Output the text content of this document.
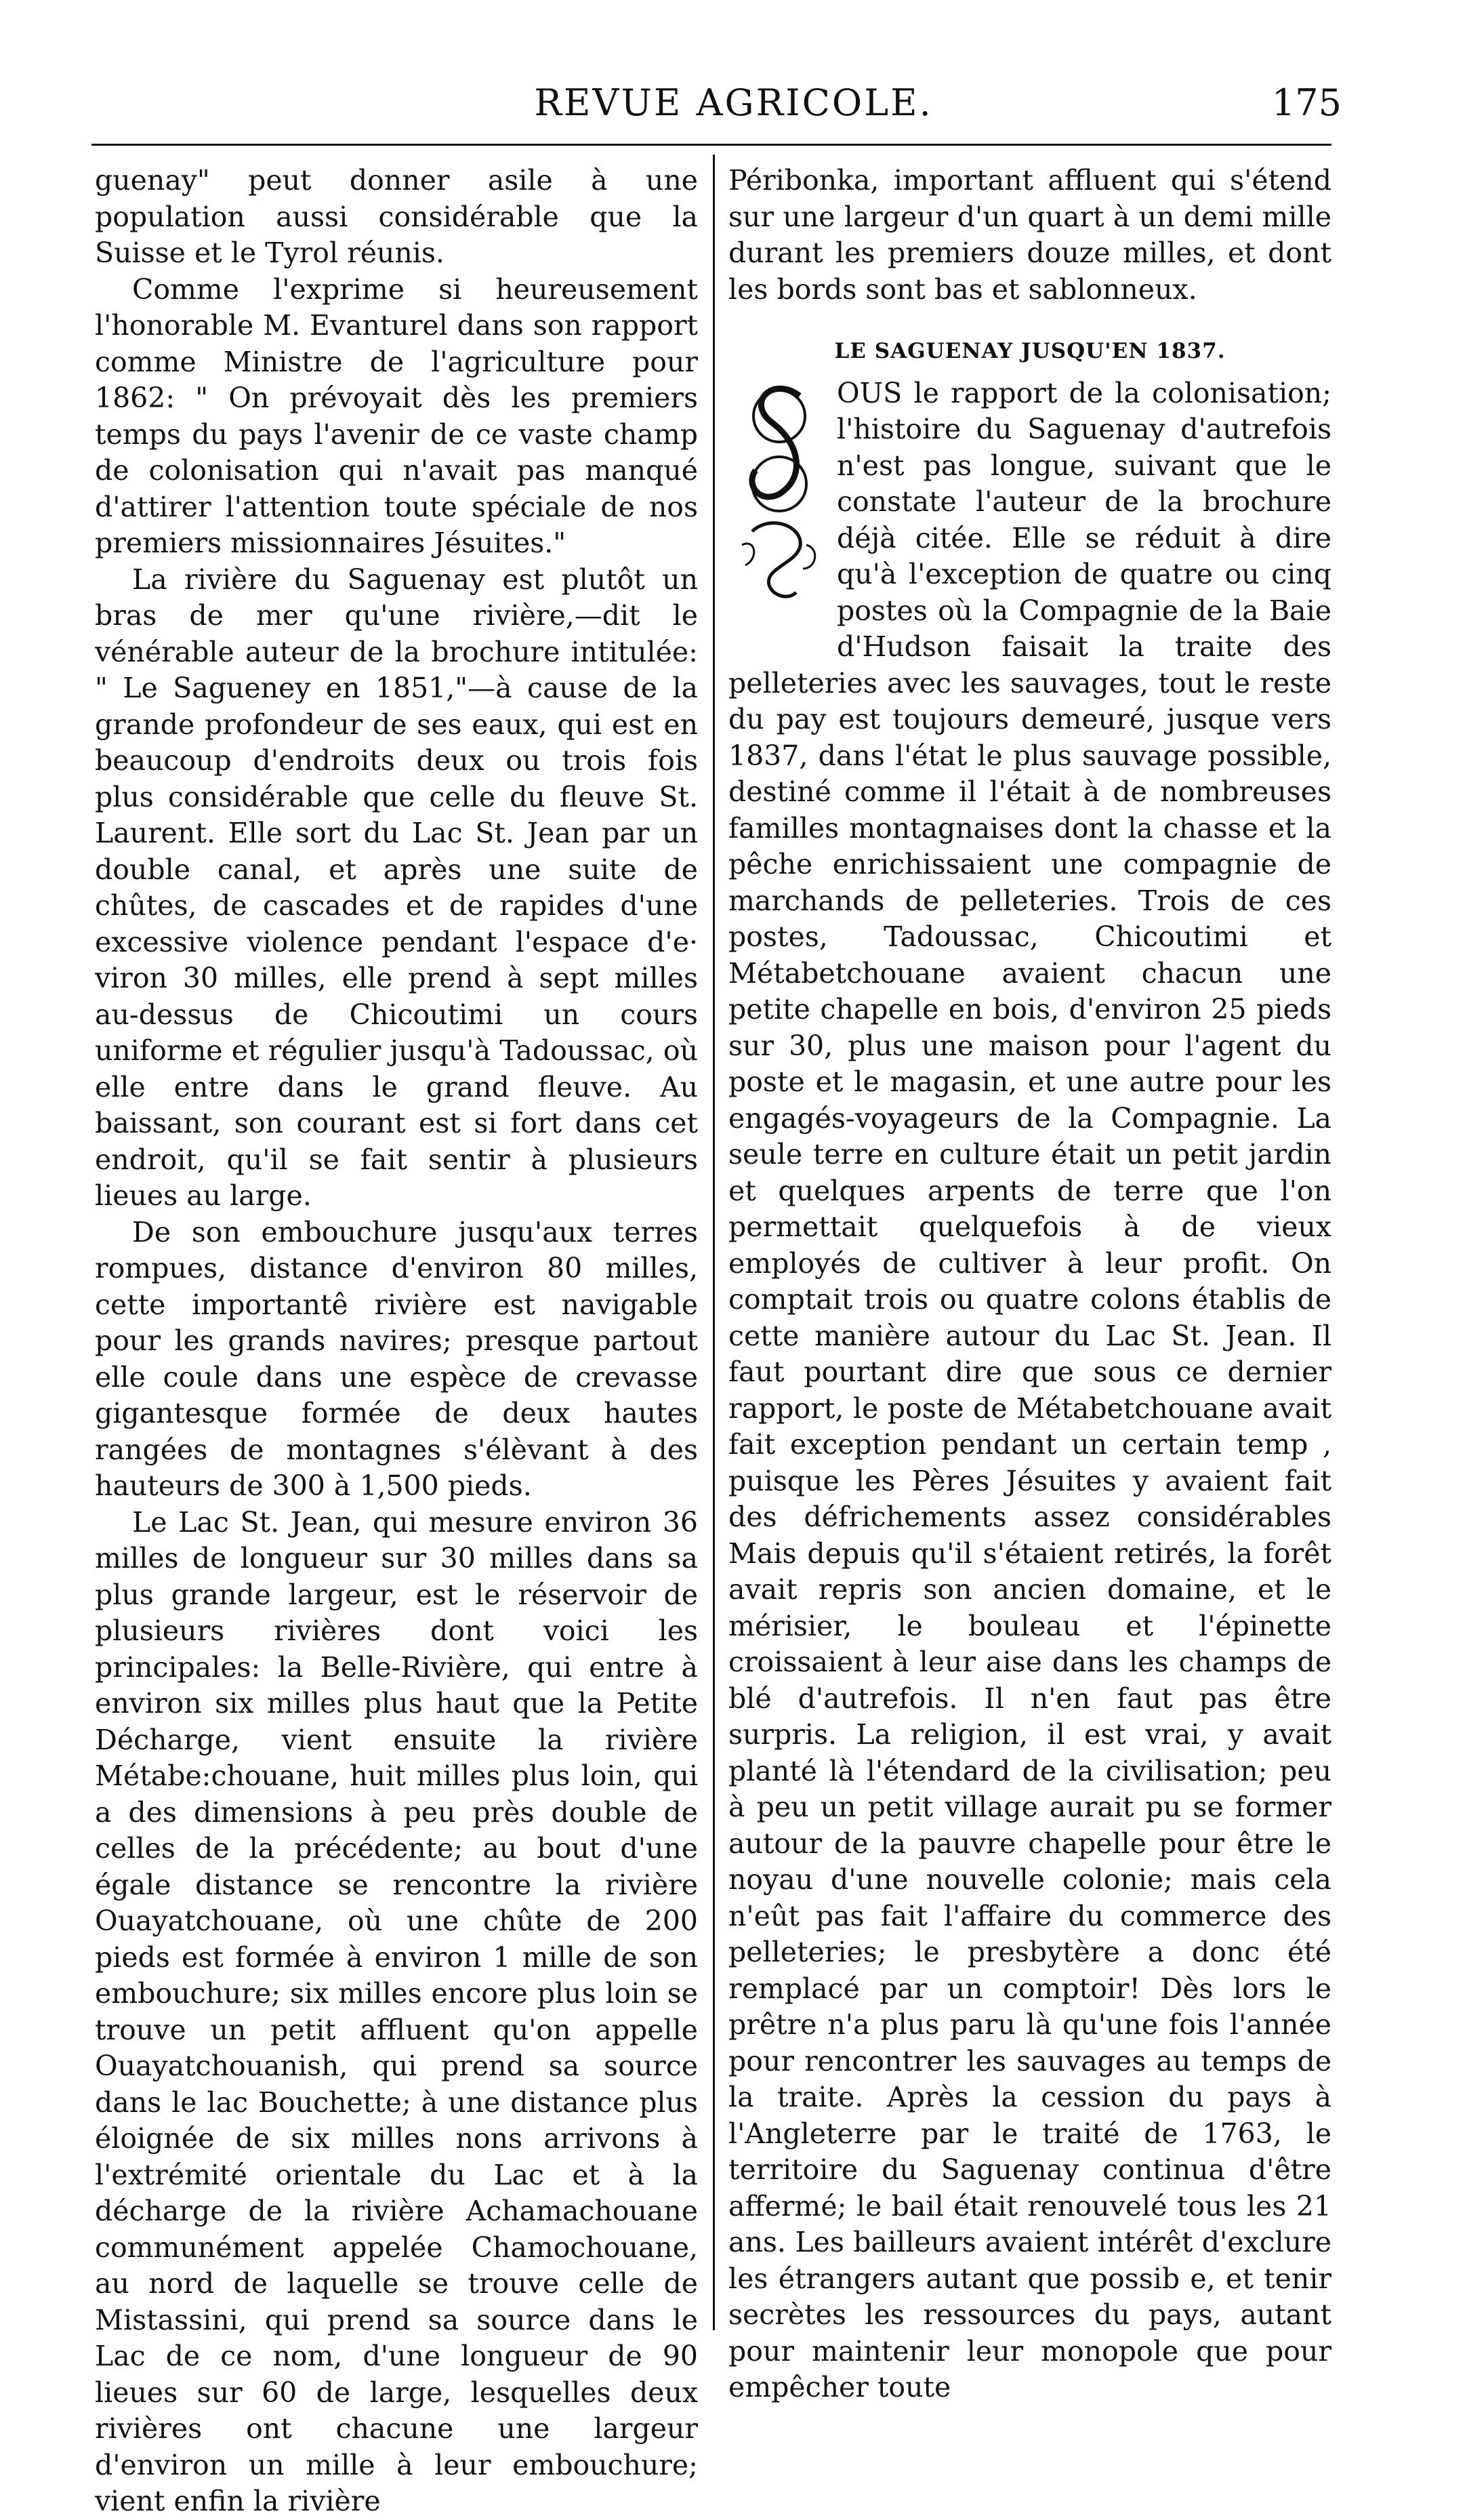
REVUE AGRICOLE.	175

guenay" peut donner asile à une population aussi considérable que la Suisse et le Tyrol réunis.

Comme l'exprime si heureusement l'honorable M. Evanturel dans son rapport comme Ministre de l'agriculture pour 1862: " On prévoyait dès les premiers temps du pays l'avenir de ce vaste champ de colonisation qui n'avait pas manqué d'attirer l'attention toute spéciale de nos premiers missionnaires Jésuites."

La rivière du Saguenay est plutôt un bras de mer qu'une rivière,—dit le vénérable auteur de la brochure intitulée: " Le Sagueney en 1851,"—à cause de la grande profondeur de ses eaux, qui est en beaucoup d'endroits deux ou trois fois plus considérable que celle du fleuve St. Laurent. Elle sort du Lac St. Jean par un double canal, et après une suite de chûtes, de cascades et de rapides d'une excessive violence pendant l'espace d'e· viron 30 milles, elle prend à sept milles au-dessus de Chicoutimi un cours uniforme et régulier jusqu'à Tadoussac, où elle entre dans le grand fleuve. Au baissant, son courant est si fort dans cet endroit, qu'il se fait sentir à plusieurs lieues au large.

De son embouchure jusqu'aux terres rompues, distance d'environ 80 milles, cette importantê rivière est navigable pour les grands navires; presque partout elle coule dans une espèce de crevasse gigantesque formée de deux hautes rangées de montagnes s'élèvant à des hauteurs de 300 à 1,500 pieds.

Le Lac St. Jean, qui mesure environ 36 milles de longueur sur 30 milles dans sa plus grande largeur, est le réservoir de plusieurs rivières dont voici les principales: la Belle-Rivière, qui entre à environ six milles plus haut que la Petite Décharge, vient ensuite la rivière Métabe:chouane, huit milles plus loin, qui a des dimensions à peu près double de celles de la précédente; au bout d'une égale distance se rencontre la rivière Ouayatchouane, où une chûte de 200 pieds est formée à environ 1 mille de son embouchure; six milles encore plus loin se trouve un petit affluent qu'on appelle Ouayatchouanish, qui prend sa source dans le lac Bouchette; à une distance plus éloignée de six milles nons arrivons à l'extrémité orientale du Lac et à la décharge de la rivière Achamachouane communément appelée Chamochouane, au nord de laquelle se trouve celle de Mistassini, qui prend sa source dans le Lac de ce nom, d'une longueur de 90 lieues sur 60 de large, lesquelles deux rivières ont chacune une largeur d'environ un mille à leur embouchure; vient enfin la rivière

Péribonka, important affluent qui s'étend sur une largeur d'un quart à un demi mille durant les premiers douze milles, et dont les bords sont bas et sablonneux.

LE SAGUENAY JUSQU'EN 1837.

OUS le rapport de la colonisation; l'histoire du Saguenay d'autrefois n'est pas longue, suivant que le constate l'auteur de la brochure déjà citée. Elle se réduit à dire qu'à l'exception de quatre ou cinq postes où la Compagnie de la Baie d'Hudson faisait la traite des pelleteries avec les sauvages, tout le reste du pay est toujours demeuré, jusque vers 1837, dans l'état le plus sauvage possible, destiné comme il l'était à de nombreuses familles montagnaises dont la chasse et la pêche enrichissaient une compagnie de marchands de pelleteries. Trois de ces postes, Tadoussac, Chicoutimi et Métabetchouane avaient chacun une petite chapelle en bois, d'environ 25 pieds sur 30, plus une maison pour l'agent du poste et le magasin, et une autre pour les engagés-voyageurs de la Compagnie. La seule terre en culture était un petit jardin et quelques arpents de terre que l'on permettait quelquefois à de vieux employés de cultiver à leur profit. On comptait trois ou quatre colons établis de cette manière autour du Lac St. Jean. Il faut pourtant dire que sous ce dernier rapport, le poste de Métabetchouane avait fait exception pendant un certain temp , puisque les Pères Jésuites y avaient fait des défrichements assez considérables Mais depuis qu'il s'étaient retirés, la forêt avait repris son ancien domaine, et le mérisier, le bouleau et l'épinette croissaient à leur aise dans les champs de blé d'autrefois. Il n'en faut pas être surpris. La religion, il est vrai, y avait planté là l'étendard de la civilisation; peu à peu un petit village aurait pu se former autour de la pauvre chapelle pour être le noyau d'une nouvelle colonie; mais cela n'eût pas fait l'affaire du commerce des pelleteries; le presbytère a donc été remplacé par un comptoir! Dès lors le prêtre n'a plus paru là qu'une fois l'année pour rencontrer les sauvages au temps de la traite. Après la cession du pays à l'Angleterre par le traité de 1763, le territoire du Saguenay continua d'être affermé; le bail était renouvelé tous les 21 ans. Les bailleurs avaient intérêt d'exclure les étrangers autant que possib e, et tenir secrètes les ressources du pays, autant pour maintenir leur monopole que pour empêcher toute
